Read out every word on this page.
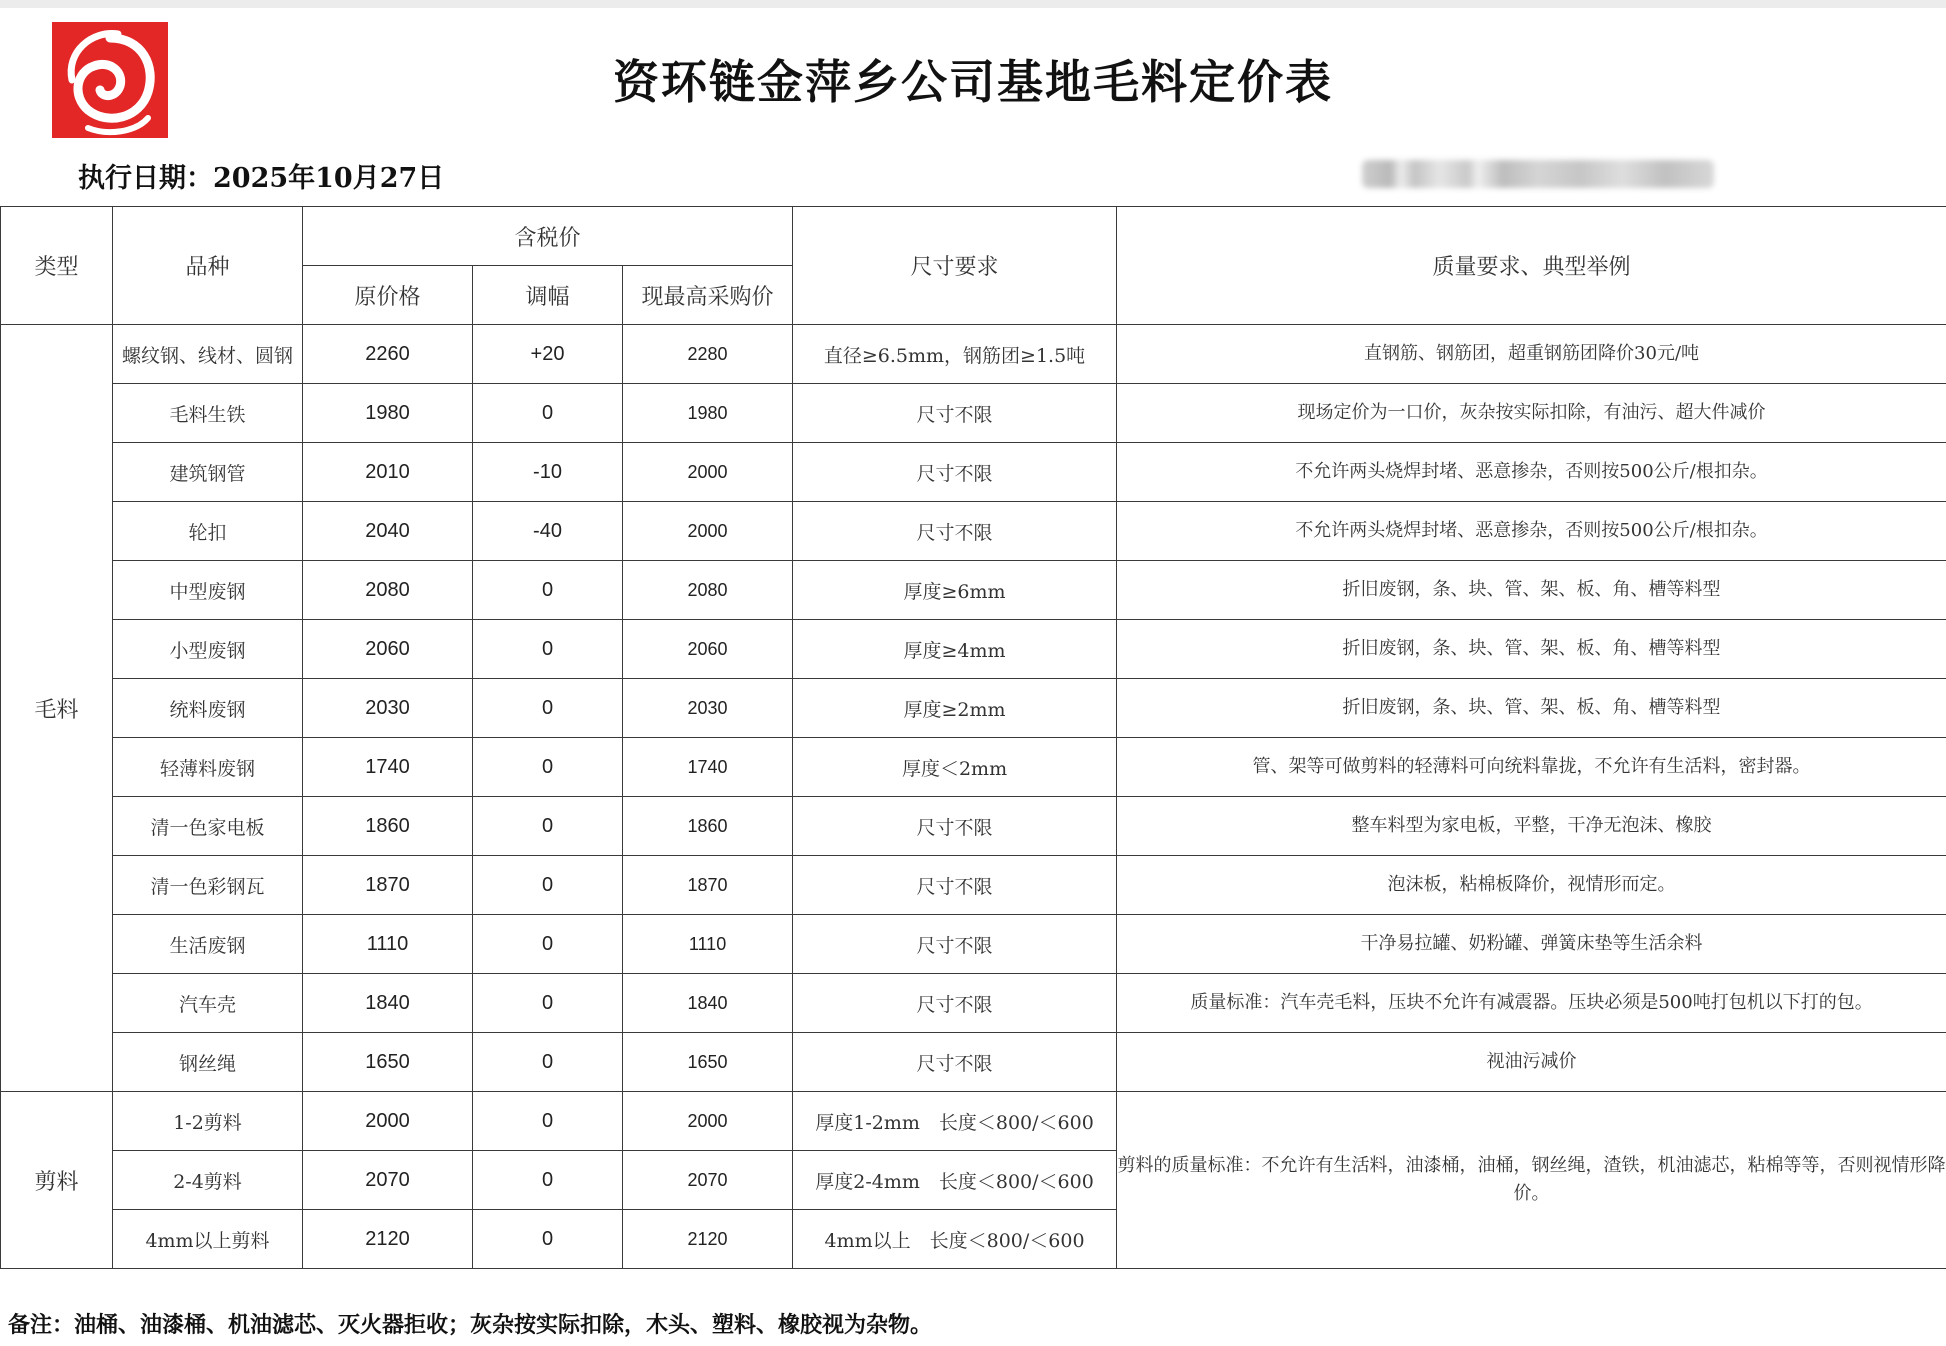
资环链金萍乡公司基地毛料定价表
执行日期：2025年10月27日
类型	品种	含税价			尺寸要求	质量要求、典型举例
		原价格	调幅	现最高采购价		
毛料	螺纹钢、线材、圆钢	2260	+20	2280	直径≥6.5mm，钢筋团≥1.5吨	直钢筋、钢筋团，超重钢筋团降价30元/吨
	毛料生铁	1980	0	1980	尺寸不限	现场定价为一口价，灰杂按实际扣除，有油污、超大件减价
	建筑钢管	2010	-10	2000	尺寸不限	不允许两头烧焊封堵、恶意掺杂，否则按500公斤/根扣杂。
	轮扣	2040	-40	2000	尺寸不限	不允许两头烧焊封堵、恶意掺杂，否则按500公斤/根扣杂。
	中型废钢	2080	0	2080	厚度≥6mm	折旧废钢，条、块、管、架、板、角、槽等料型
	小型废钢	2060	0	2060	厚度≥4mm	折旧废钢，条、块、管、架、板、角、槽等料型
	统料废钢	2030	0	2030	厚度≥2mm	折旧废钢，条、块、管、架、板、角、槽等料型
	轻薄料废钢	1740	0	1740	厚度＜2mm	管、架等可做剪料的轻薄料可向统料靠拢，不允许有生活料，密封器。
	清一色家电板	1860	0	1860	尺寸不限	整车料型为家电板，平整，干净无泡沫、橡胶
	清一色彩钢瓦	1870	0	1870	尺寸不限	泡沫板，粘棉板降价，视情形而定。
	生活废钢	1110	0	1110	尺寸不限	干净易拉罐、奶粉罐、弹簧床垫等生活余料
	汽车壳	1840	0	1840	尺寸不限	质量标准：汽车壳毛料，压块不允许有减震器。压块必须是500吨打包机以下打的包。
	钢丝绳	1650	0	1650	尺寸不限	视油污减价
剪料	1-2剪料	2000	0	2000	厚度1-2mm　长度＜800/＜600	剪料的质量标准：不允许有生活料，油漆桶，油桶，钢丝绳，渣铁，机油滤芯，粘棉等等，否则视情形降价。
	2-4剪料	2070	0	2070	厚度2-4mm　长度＜800/＜600	
	4mm以上剪料	2120	0	2120	4mm以上　长度＜800/＜600	
备注：油桶、油漆桶、机油滤芯、灭火器拒收；灰杂按实际扣除，木头、塑料、橡胶视为杂物。
